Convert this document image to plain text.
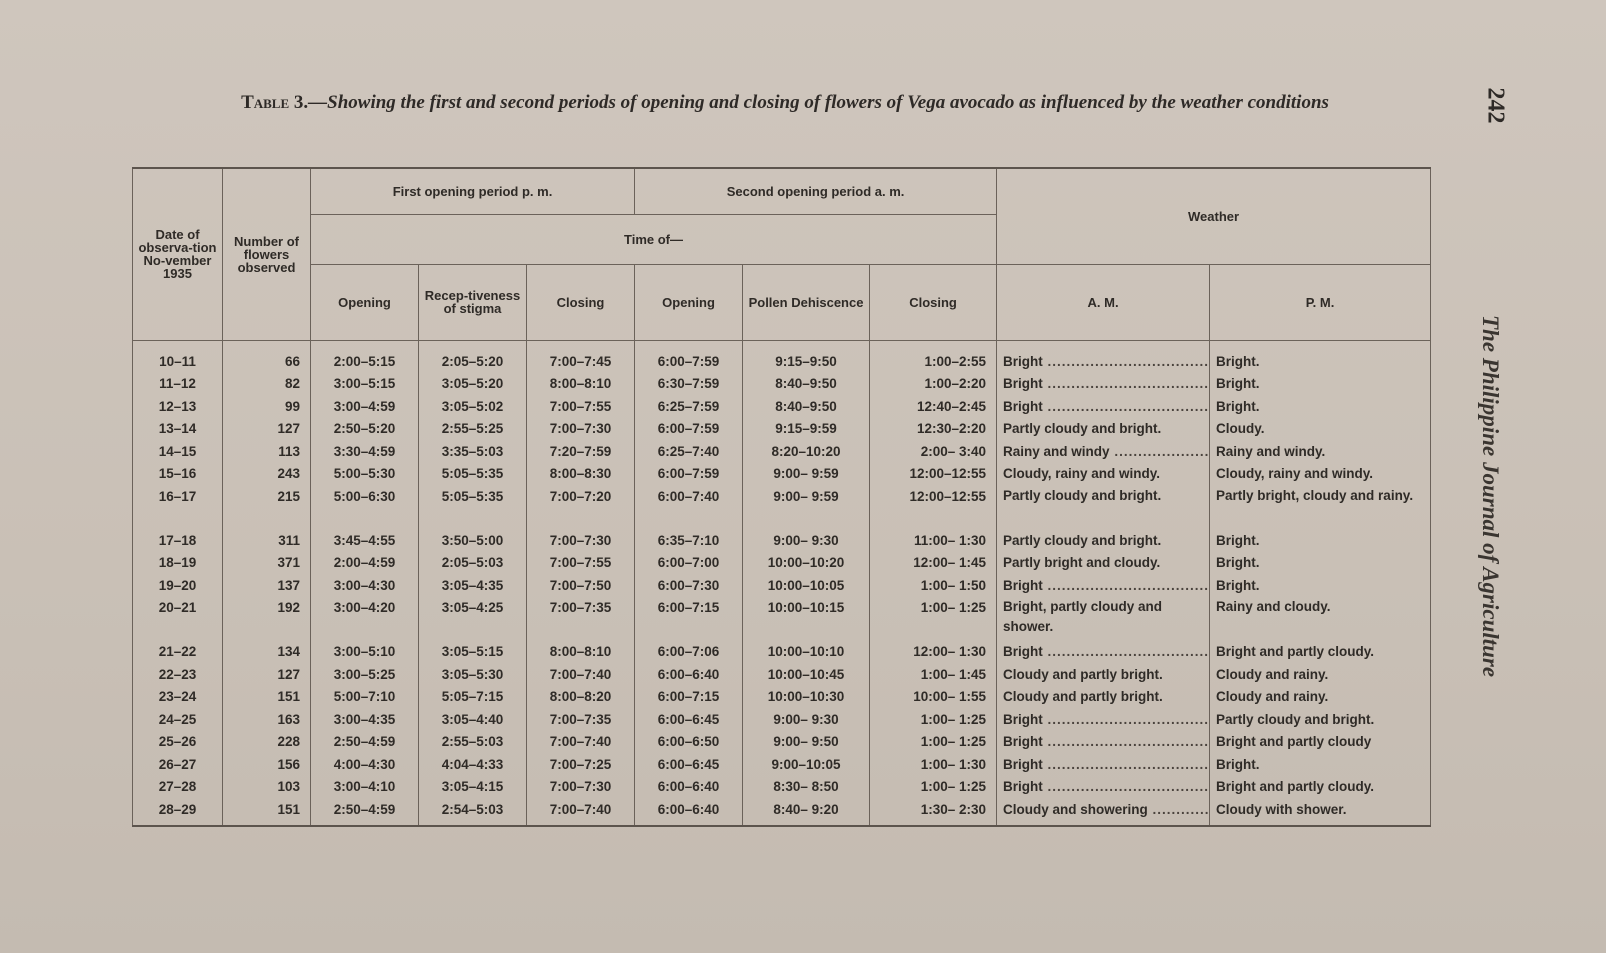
Table 3.—Showing the first and second periods of opening and closing of flowers of Vega avocado as influenced by the weather conditions	242
The Philippine Journal of Agriculture
Date of observa-tion No-vember 1935	Number of flowers observed	First opening period p. m.			Second opening period a. m.			Weather	
		Time of—							
		Opening	Recep-tiveness of stigma	Closing	Opening	Pollen Dehiscence	Closing	A. M.	P. M.
10–11	66	2:00–5:15	2:05–5:20	7:00–7:45	6:00–7:59	9:15–9:50	1:00–2:55	Bright .....	Bright.
11–12	82	3:00–5:15	3:05–5:20	8:00–8:10	6:30–7:59	8:40–9:50	1:00–2:20	Bright .....	Bright.
12–13	99	3:00–4:59	3:05–5:02	7:00–7:55	6:25–7:59	8:40–9:50	12:40–2:45	Bright .....	Bright.
13–14	127	2:50–5:20	2:55–5:25	7:00–7:30	6:00–7:59	9:15–9:59	12:30–2:20	Partly cloudy and bright.	Cloudy.
14–15	113	3:30–4:59	3:35–5:03	7:20–7:59	6:25–7:40	8:20–10:20	2:00– 3:40	Rainy and windy .....	Rainy and windy.
15–16	243	5:00–5:30	5:05–5:35	8:00–8:30	6:00–7:59	9:00– 9:59	12:00–12:55	Cloudy, rainy and windy.	Cloudy, rainy and windy.
16–17	215	5:00–6:30	5:05–5:35	7:00–7:20	6:00–7:40	9:00– 9:59	12:00–12:55	Partly cloudy and bright.	Partly bright, cloudy and rainy.
17–18	311	3:45–4:55	3:50–5:00	7:00–7:30	6:35–7:10	9:00– 9:30	11:00– 1:30	Partly cloudy and bright.	Bright.
18–19	371	2:00–4:59	2:05–5:03	7:00–7:55	6:00–7:00	10:00–10:20	12:00– 1:45	Partly bright and cloudy.	Bright.
19–20	137	3:00–4:30	3:05–4:35	7:00–7:50	6:00–7:30	10:00–10:05	1:00– 1:50	Bright .....	Bright.
20–21	192	3:00–4:20	3:05–4:25	7:00–7:35	6:00–7:15	10:00–10:15	1:00– 1:25	Bright, partly cloudy and shower.	Rainy and cloudy.
21–22	134	3:00–5:10	3:05–5:15	8:00–8:10	6:00–7:06	10:00–10:10	12:00– 1:30	Bright .....	Bright and partly cloudy.
22–23	127	3:00–5:25	3:05–5:30	7:00–7:40	6:00–6:40	10:00–10:45	1:00– 1:45	Cloudy and partly bright.	Cloudy and rainy.
23–24	151	5:00–7:10	5:05–7:15	8:00–8:20	6:00–7:15	10:00–10:30	10:00– 1:55	Cloudy and partly bright.	Cloudy and rainy.
24–25	163	3:00–4:35	3:05–4:40	7:00–7:35	6:00–6:45	9:00– 9:30	1:00– 1:25	Bright .....	Partly cloudy and bright.
25–26	228	2:50–4:59	2:55–5:03	7:00–7:40	6:00–6:50	9:00– 9:50	1:00– 1:25	Bright .....	Bright and partly cloudy
26–27	156	4:00–4:30	4:04–4:33	7:00–7:25	6:00–6:45	9:00–10:05	1:00– 1:30	Bright .....	Bright.
27–28	103	3:00–4:10	3:05–4:15	7:00–7:30	6:00–6:40	8:30– 8:50	1:00– 1:25	Bright .....	Bright and partly cloudy.
28–29	151	2:50–4:59	2:54–5:03	7:00–7:40	6:00–6:40	8:40– 9:20	1:30– 2:30	Cloudy and showering .....	Cloudy with shower.
